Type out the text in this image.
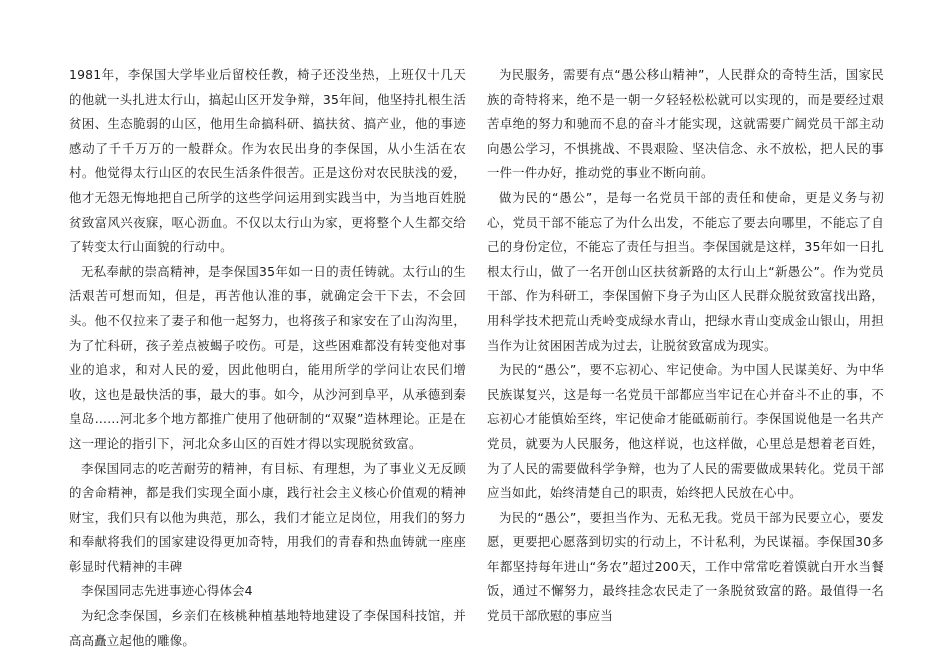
1981年，李保国大学毕业后留校任教，椅子还没坐热，上班仅十几天的他就一头扎进太行山，搞起山区开发争辩，35年间，他坚持扎根生活贫困、生态脆弱的山区，他用生命搞科研、搞扶贫、搞产业，他的事迹感动了千千万万的一般群众。作为农民出身的李保国，从小生活在农村。他觉得太行山区的农民生活条件很苦。正是这份对农民肤浅的爱，他才无怨无悔地把自己所学的这些学问运用到实践当中，为当地百姓脱贫致富风兴夜寐，呕心沥血。不仅以太行山为家，更将整个人生都交给了转变太行山面貌的行动中。

无私奉献的崇高精神，是李保国35年如一日的责任铸就。太行山的生活艰苦可想而知，但是，再苦他认准的事，就确定会干下去，不会回头。他不仅拉来了妻子和他一起努力，也将孩子和家安在了山沟沟里，为了忙科研，孩子差点被蝎子咬伤。可是，这些困难都没有转变他对事业的追求，和对人民的爱，因此他明白，能用所学的学问让农民们增收，这也是最快活的事，最大的事。如今，从沙河到阜平，从承德到秦皇岛……河北多个地方都推广使用了他研制的“双聚”造林理论。正是在这一理论的指引下，河北众多山区的百姓才得以实现脱贫致富。

李保国同志的吃苦耐劳的精神，有目标、有理想，为了事业义无反顾的舍命精神，都是我们实现全面小康，践行社会主义核心价值观的精神财宝，我们只有以他为典范，那么，我们才能立足岗位，用我们的努力和奉献将我们的国家建设得更加奇特，用我们的青春和热血铸就一座座彰显时代精神的丰碑

李保国同志先进事迹心得体会4

为纪念李保国，乡亲们在核桃种植基地特地建设了李保国科技馆，并高高矗立起他的雕像。

为民服务，需要有点“愚公移山精神”，人民群众的奇特生活，国家民族的奇特将来，绝不是一朝一夕轻轻松松就可以实现的，而是要经过艰苦卓绝的努力和驰而不息的奋斗才能实现，这就需要广阔党员干部主动向愚公学习，不惧挑战、不畏艰险、坚决信念、永不放松，把人民的事一件一件办好，推动党的事业不断向前。

做为民的“愚公”，是每一名党员干部的责任和使命，更是义务与初心，党员干部不能忘了为什么出发，不能忘了要去向哪里，不能忘了自己的身份定位，不能忘了责任与担当。李保国就是这样，35年如一日扎根太行山，做了一名开创山区扶贫新路的太行山上“新愚公”。作为党员干部、作为科研工，李保国俯下身子为山区人民群众脱贫致富找出路，用科学技术把荒山秃岭变成绿水青山，把绿水青山变成金山银山，用担当作为让贫困困苦成为过去，让脱贫致富成为现实。

为民的“愚公”，要不忘初心、牢记使命。为中国人民谋美好、为中华民族谋复兴，这是每一名党员干部都应当牢记在心并奋斗不止的事，不忘初心才能慎始至终，牢记使命才能砥砺前行。李保国说他是一名共产党员，就要为人民服务，他这样说，也这样做，心里总是想着老百姓，为了人民的需要做科学争辩，也为了人民的需要做成果转化。党员干部应当如此，始终清楚自己的职责，始终把人民放在心中。

为民的“愚公”，要担当作为、无私无我。党员干部为民要立心，要发愿，更要把心愿落到切实的行动上，不计私利，为民谋福。李保国30多年都坚持每年进山“务农”超过200天，工作中常常吃着馍就白开水当餐饭，通过不懈努力，最终挂念农民走了一条脱贫致富的路。最值得一名党员干部欣慰的事应当
